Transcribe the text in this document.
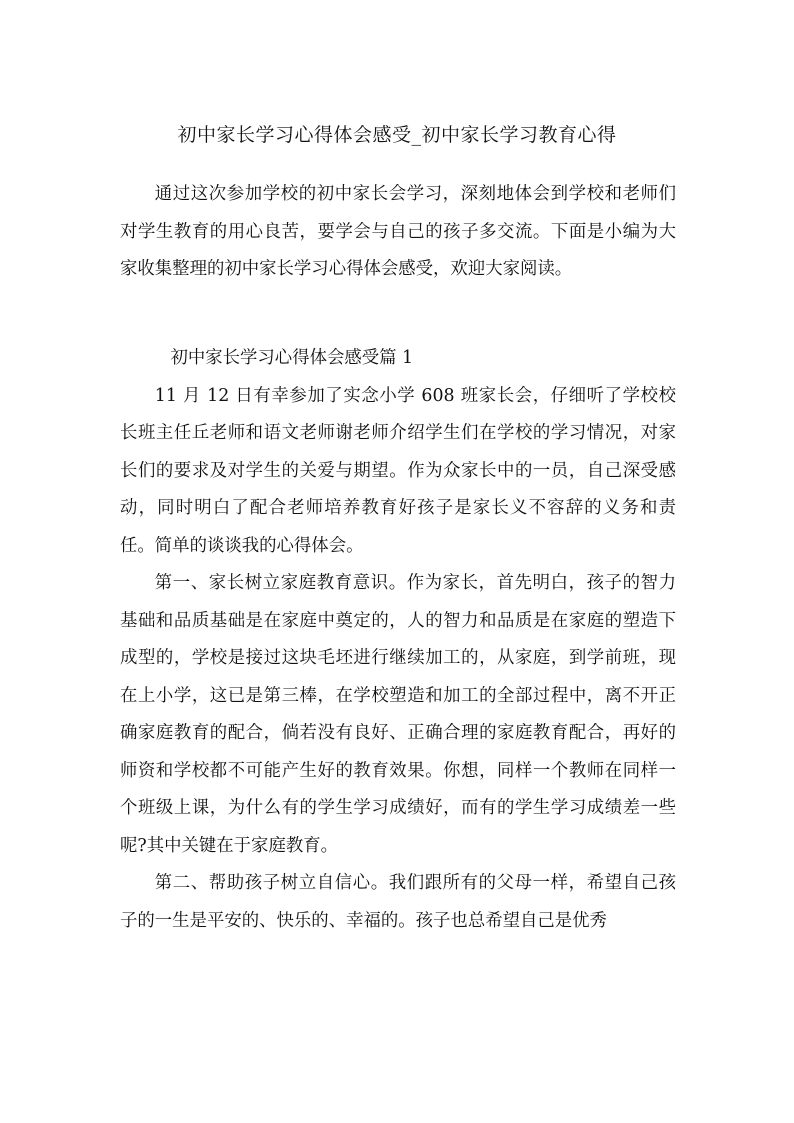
初中家长学习心得体会感受_初中家长学习教育心得

通过这次参加学校的初中家长会学习，深刻地体会到学校和老师们对学生教育的用心良苦，要学会与自己的孩子多交流。下面是小编为大家收集整理的初中家长学习心得体会感受，欢迎大家阅读。

初中家长学习心得体会感受篇 1

11 月 12 日有幸参加了实念小学 608 班家长会，仔细听了学校校长班主任丘老师和语文老师谢老师介绍学生们在学校的学习情况，对家长们的要求及对学生的关爱与期望。作为众家长中的一员，自己深受感动，同时明白了配合老师培养教育好孩子是家长义不容辞的义务和责任。简单的谈谈我的心得体会。

第一、家长树立家庭教育意识。作为家长，首先明白，孩子的智力基础和品质基础是在家庭中奠定的，人的智力和品质是在家庭的塑造下成型的，学校是接过这块毛坯进行继续加工的，从家庭，到学前班，现在上小学，这已是第三棒，在学校塑造和加工的全部过程中，离不开正确家庭教育的配合，倘若没有良好、正确合理的家庭教育配合，再好的师资和学校都不可能产生好的教育效果。你想，同样一个教师在同样一个班级上课，为什么有的学生学习成绩好，而有的学生学习成绩差一些呢?其中关键在于家庭教育。

第二、帮助孩子树立自信心。我们跟所有的父母一样，希望自己孩子的一生是平安的、快乐的、幸福的。孩子也总希望自己是优秀
